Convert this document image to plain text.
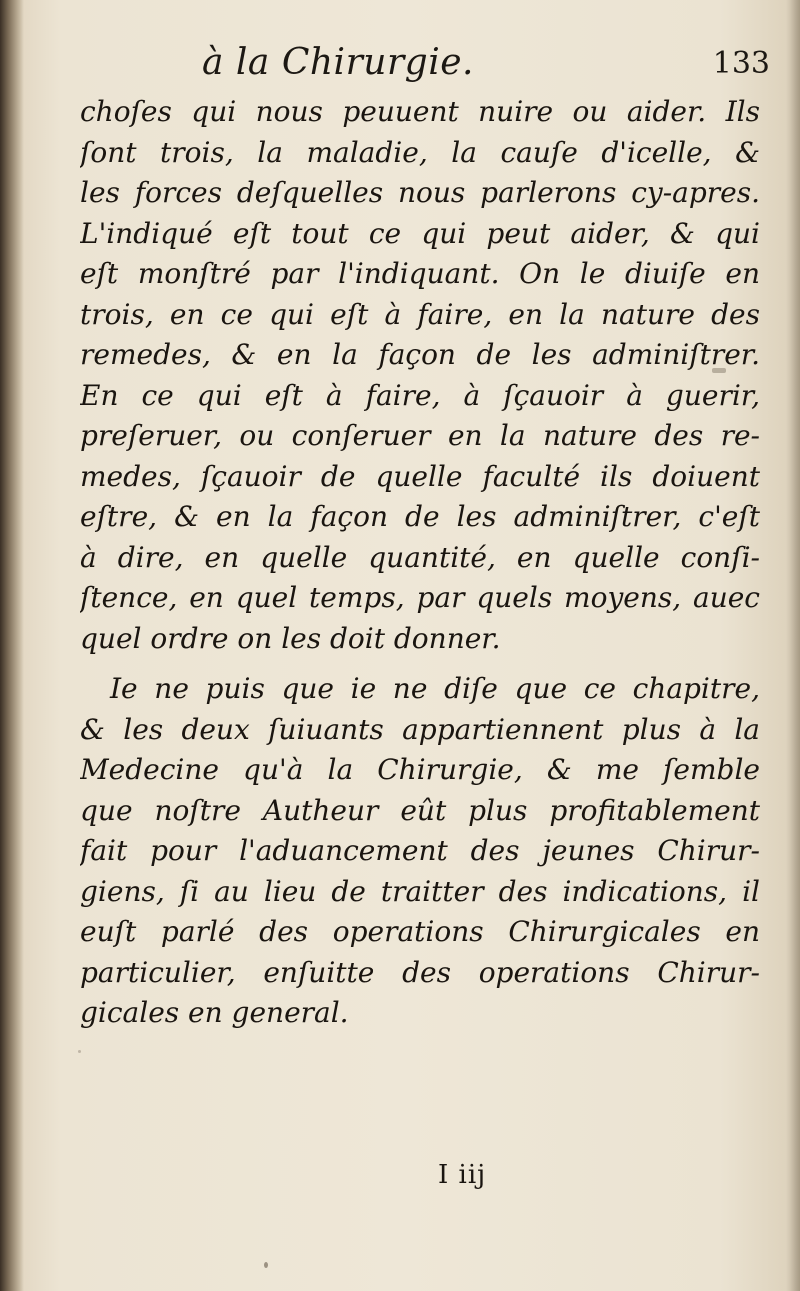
à la Chirurgie.	133
choſes qui nous peuuent nuire ou aider. Ils
ſont trois, la maladie, la cauſe d'icelle, &
les forces deſquelles nous parlerons cy-apres.
L'indiqué eſt tout ce qui peut aider, & qui
eſt monſtré par l'indiquant. On le diuiſe en
trois, en ce qui eſt à faire, en la nature des
remedes, & en la façon de les adminiſtrer.
En ce qui eſt à faire, à ſçauoir à guerir,
preſeruer, ou conſeruer en la nature des re-
medes, ſçauoir de quelle faculté ils doiuent
eſtre, & en la façon de les adminiſtrer, c'eſt
à dire, en quelle quantité, en quelle conſi-
ſtence, en quel temps, par quels moyens, auec
quel ordre on les doit donner.
Ie ne puis que ie ne diſe que ce chapitre,
& les deux ſuiuants appartiennent plus à la
Medecine qu'à la Chirurgie, & me ſemble
que noſtre Autheur eût plus profitablement
fait pour l'aduancement des jeunes Chirur-
giens, ſi au lieu de traitter des indications, il
euſt parlé des operations Chirurgicales en
particulier, enſuitte des operations Chirur-
gicales en general.
I iij
